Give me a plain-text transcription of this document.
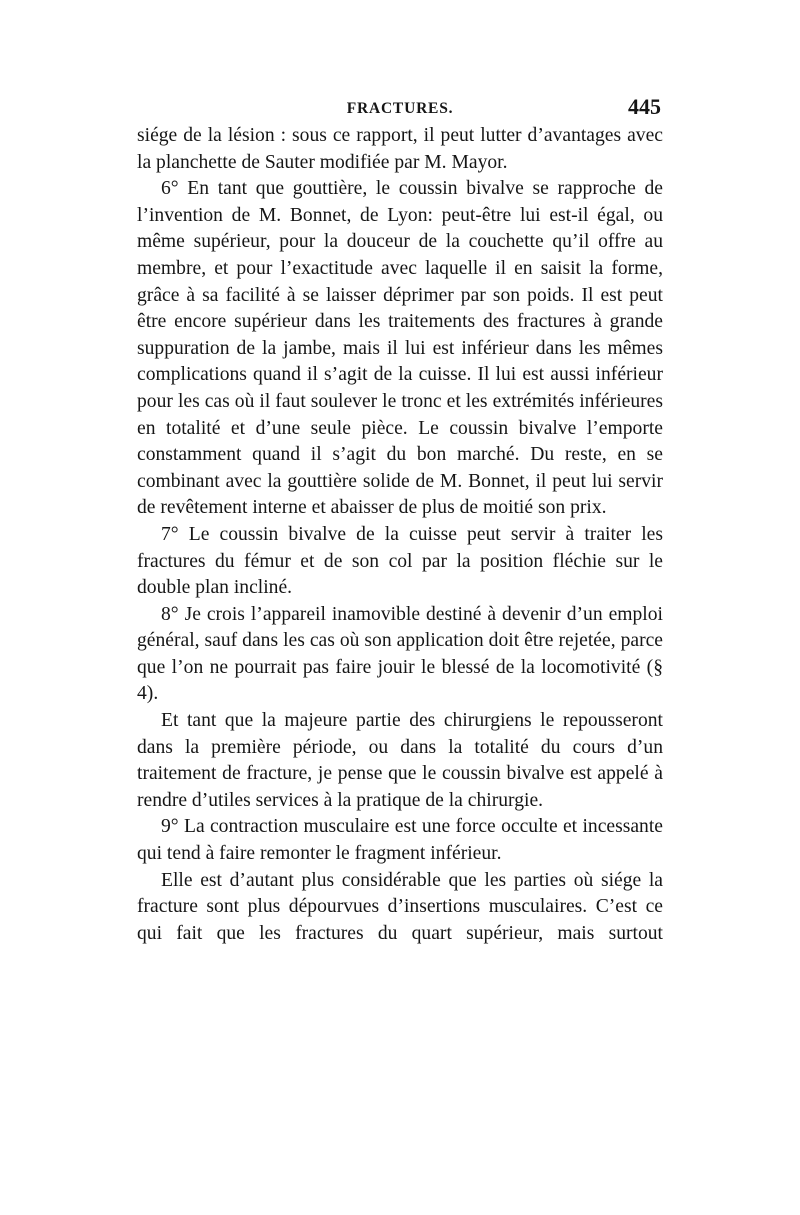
FRACTURES.	445

siége de la lésion : sous ce rapport, il peut lutter d’avantages avec la planchette de Sauter modifiée par M. Mayor.

6° En tant que gouttière, le coussin bivalve se rapproche de l’invention de M. Bonnet, de Lyon: peut-être lui est-il égal, ou même supérieur, pour la douceur de la couchette qu’il offre au membre, et pour l’exactitude avec laquelle il en saisit la forme, grâce à sa facilité à se laisser déprimer par son poids. Il est peut être encore supérieur dans les traitements des fractures à grande suppuration de la jambe, mais il lui est inférieur dans les mêmes complications quand il s’agit de la cuisse. Il lui est aussi inférieur pour les cas où il faut soulever le tronc et les extrémités inférieures en totalité et d’une seule pièce. Le coussin bivalve l’emporte constamment quand il s’agit du bon marché. Du reste, en se combinant avec la gouttière solide de M. Bonnet, il peut lui servir de revêtement interne et abaisser de plus de moitié son prix.

7° Le coussin bivalve de la cuisse peut servir à traiter les fractures du fémur et de son col par la position fléchie sur le double plan incliné.

8° Je crois l’appareil inamovible destiné à devenir d’un emploi général, sauf dans les cas où son application doit être rejetée, parce que l’on ne pourrait pas faire jouir le blessé de la locomotivité (§ 4).

Et tant que la majeure partie des chirurgiens le repousseront dans la première période, ou dans la totalité du cours d’un traitement de fracture, je pense que le coussin bivalve est appelé à rendre d’utiles services à la pratique de la chirurgie.

9° La contraction musculaire est une force occulte et incessante qui tend à faire remonter le fragment inférieur.

Elle est d’autant plus considérable que les parties où siége la fracture sont plus dépourvues d’insertions musculaires. C’est ce qui fait que les fractures du quart supérieur, mais surtout
